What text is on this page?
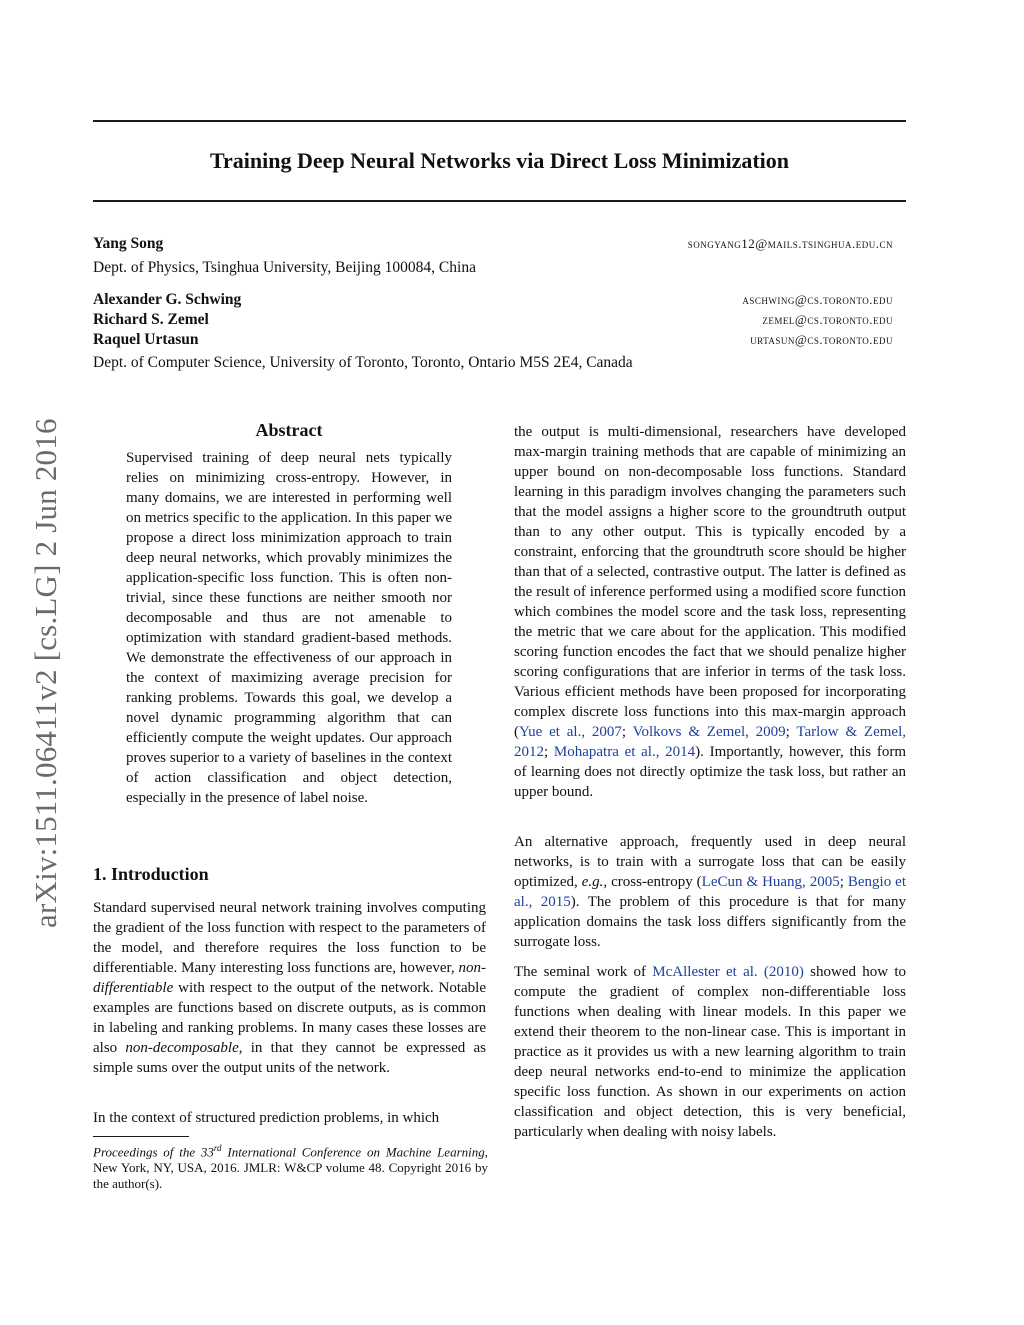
Training Deep Neural Networks via Direct Loss Minimization
Yang Song	songyang12@mails.tsinghua.edu.cn
Dept. of Physics, Tsinghua University, Beijing 100084, China
Alexander G. Schwing	aschwing@cs.toronto.edu
Richard S. Zemel	zemel@cs.toronto.edu
Raquel Urtasun	urtasun@cs.toronto.edu
Dept. of Computer Science, University of Toronto, Toronto, Ontario M5S 2E4, Canada
arXiv:1511.06411v2 [cs.LG] 2 Jun 2016	Abstract

Supervised training of deep neural nets typically relies on minimizing cross-entropy. However, in many domains, we are interested in performing well on metrics specific to the application. In this paper we propose a direct loss minimization approach to train deep neural networks, which provably minimizes the application-specific loss function. This is often non-trivial, since these functions are neither smooth nor decomposable and thus are not amenable to optimization with standard gradient-based methods. We demonstrate the effectiveness of our approach in the context of maximizing average precision for ranking problems. Towards this goal, we develop a novel dynamic programming algorithm that can efficiently compute the weight updates. Our approach proves superior to a variety of baselines in the context of action classification and object detection, especially in the presence of label noise.

1. Introduction

Standard supervised neural network training involves computing the gradient of the loss function with respect to the parameters of the model, and therefore requires the loss function to be differentiable. Many interesting loss functions are, however, non-differentiable with respect to the output of the network. Notable examples are functions based on discrete outputs, as is common in labeling and ranking problems. In many cases these losses are also non-decomposable, in that they cannot be expressed as simple sums over the output units of the network.

In the context of structured prediction problems, in which

Proceedings of the 33rd International Conference on Machine Learning, New York, NY, USA, 2016. JMLR: W&CP volume 48. Copyright 2016 by the author(s).

the output is multi-dimensional, researchers have developed max-margin training methods that are capable of minimizing an upper bound on non-decomposable loss functions. Standard learning in this paradigm involves changing the parameters such that the model assigns a higher score to the groundtruth output than to any other output. This is typically encoded by a constraint, enforcing that the groundtruth score should be higher than that of a selected, contrastive output. The latter is defined as the result of inference performed using a modified score function which combines the model score and the task loss, representing the metric that we care about for the application. This modified scoring function encodes the fact that we should penalize higher scoring configurations that are inferior in terms of the task loss. Various efficient methods have been proposed for incorporating complex discrete loss functions into this max-margin approach (Yue et al., 2007; Volkovs & Zemel, 2009; Tarlow & Zemel, 2012; Mohapatra et al., 2014). Importantly, however, this form of learning does not directly optimize the task loss, but rather an upper bound.

An alternative approach, frequently used in deep neural networks, is to train with a surrogate loss that can be easily optimized, e.g., cross-entropy (LeCun & Huang, 2005; Bengio et al., 2015). The problem of this procedure is that for many application domains the task loss differs significantly from the surrogate loss.

The seminal work of McAllester et al. (2010) showed how to compute the gradient of complex non-differentiable loss functions when dealing with linear models. In this paper we extend their theorem to the non-linear case. This is important in practice as it provides us with a new learning algorithm to train deep neural networks end-to-end to minimize the application specific loss function. As shown in our experiments on action classification and object detection, this is very beneficial, particularly when dealing with noisy labels.
